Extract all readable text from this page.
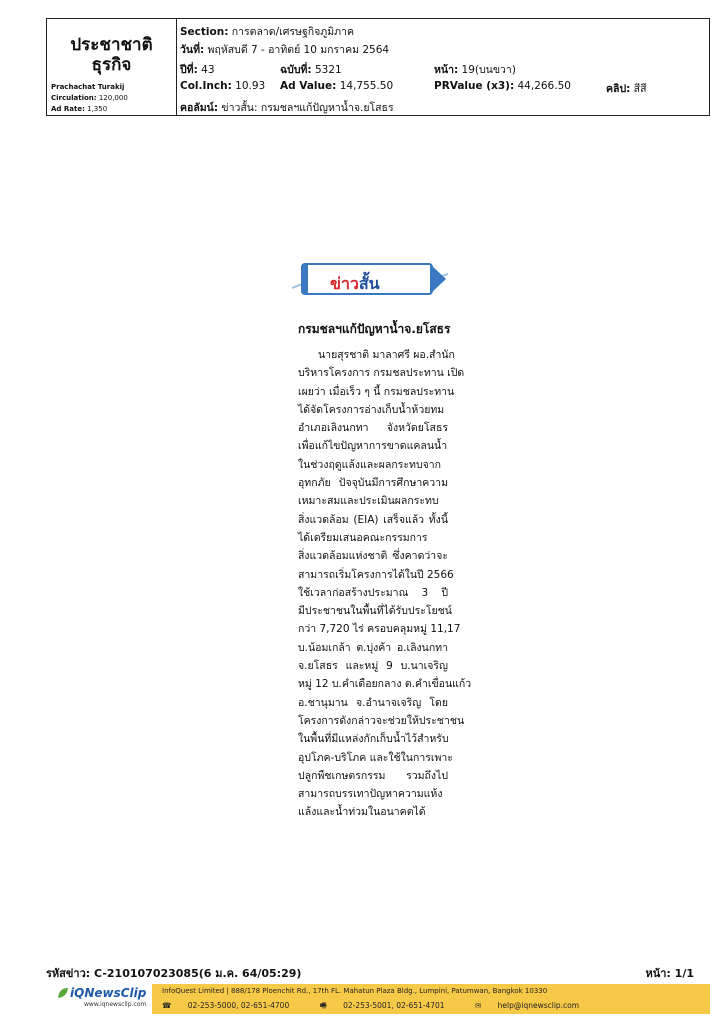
ประชาชาติ
ธุรกิจ
Prachachat Turakij
Circulation: 120,000
Ad Rate: 1,350
Section: การตลาด/เศรษฐกิจภูมิภาค
วันที่: พฤหัสบดี 7 - อาทิตย์ 10 มกราคม 2564
ปีที่: 43	ฉบับที่: 5321	หน้า: 19(บนขวา)
Col.Inch: 10.93 Ad Value: 14,755.50	PRValue (x3): 44,266.50	คลิป: สีสี
คอลัมน์: ข่าวสั้น: กรมชลฯแก้ปัญหาน้ำจ.ยโสธร
ข่าวสั้น
กรมชลฯแก้ปัญหาน้ำจ.ยโสธร
นายสุรชาติ มาลาศรี ผอ.สำนัก
บริหารโครงการ กรมชลประทาน เปิด
เผยว่า เมื่อเร็ว ๆ นี้ กรมชลประทาน
ได้จัดโครงการอ่างเก็บน้ำห้วยทม
อำเภอเลิงนกทา จังหวัดยโสธร
เพื่อแก้ไขปัญหาการขาดแคลนน้ำ
ในช่วงฤดูแล้งและผลกระทบจาก
อุทกภัย ปัจจุบันมีการศึกษาความ
เหมาะสมและประเมินผลกระทบ
สิ่งแวดล้อม (EIA) เสร็จแล้ว ทั้งนี้
ได้เตรียมเสนอคณะกรรมการ
สิ่งแวดล้อมแห่งชาติ ซึ่งคาดว่าจะ
สามารถเริ่มโครงการได้ในปี 2566
ใช้เวลาก่อสร้างประมาณ 3 ปี
มีประชาชนในพื้นที่ได้รับประโยชน์
กว่า 7,720 ไร่ ครอบคลุมหมู่ 11,17
บ.น้อมเกล้า ต.บุ่งค้า อ.เลิงนกทา
จ.ยโสธร และหมู่ 9 บ.นาเจริญ
หมู่ 12 บ.คำเดือยกลาง ต.คำเขื่อนแก้ว
อ.ชานุมาน จ.อำนาจเจริญ โดย
โครงการดังกล่าวจะช่วยให้ประชาชน
ในพื้นที่มีแหล่งกักเก็บน้ำไว้สำหรับ
อุปโภค-บริโภค และใช้ในการเพาะ
ปลูกพืชเกษตรกรรม รวมถึงไป
สามารถบรรเทาปัญหาความแห้ง
แล้งและน้ำท่วมในอนาคตได้
รหัสข่าว: C-210107023085(6 ม.ค. 64/05:29)	หน้า: 1/1
iQNewsClip
www.iqnewsclip.com
InfoQuest Limited | 888/178 Ploenchit Rd., 17th FL. Mahatun Plaza Bldg., Lumpini, Patumwan, Bangkok 10330
☎ 02-253-5000, 02-651-4700	🖷 02-253-5001, 02-651-4701	✉ help@iqnewsclip.com
